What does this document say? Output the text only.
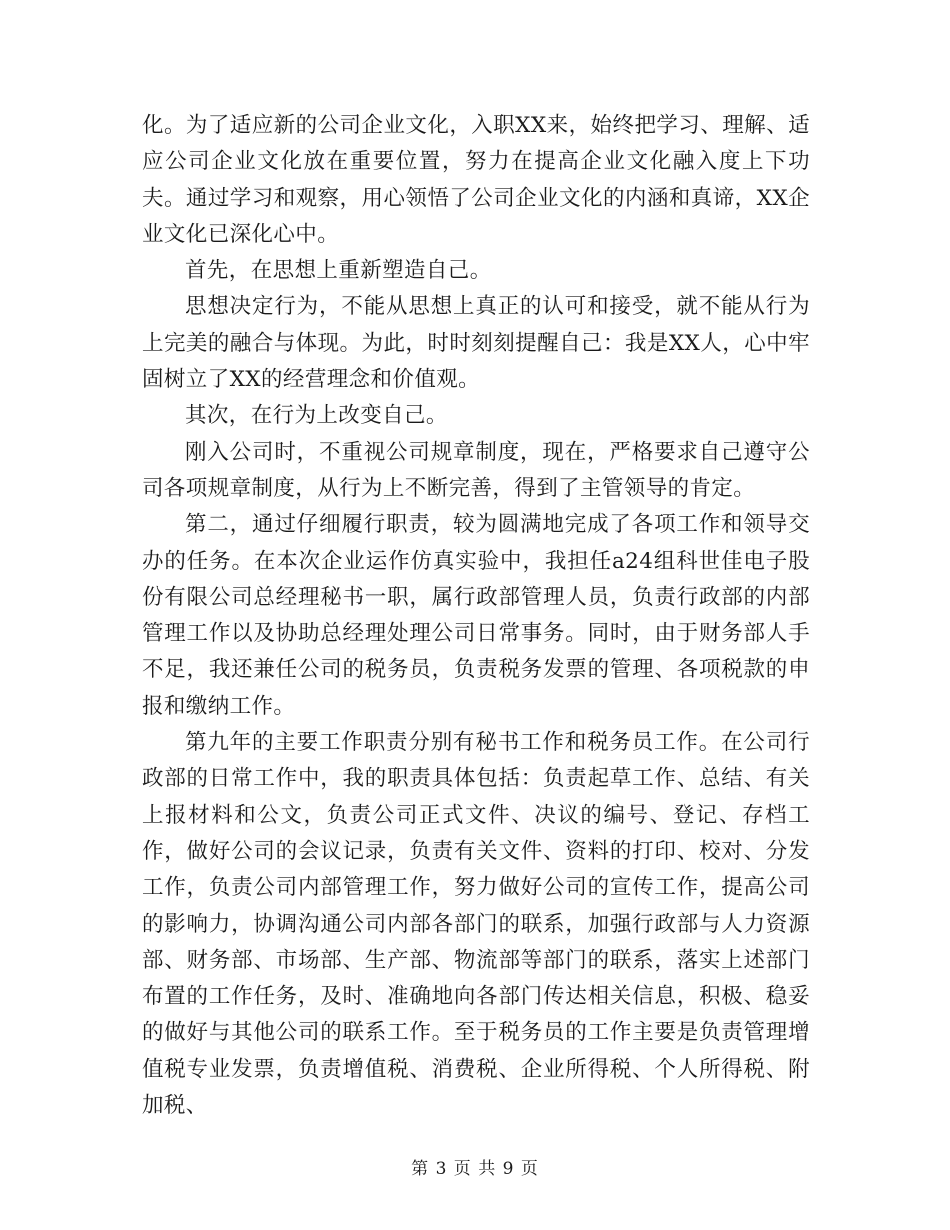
化。为了适应新的公司企业文化，入职XX来，始终把学习、理解、适应公司企业文化放在重要位置，努力在提高企业文化融入度上下功夫。通过学习和观察，用心领悟了公司企业文化的内涵和真谛，XX企业文化已深化心中。

首先，在思想上重新塑造自己。

思想决定行为，不能从思想上真正的认可和接受，就不能从行为上完美的融合与体现。为此，时时刻刻提醒自己：我是XX人，心中牢固树立了XX的经营理念和价值观。

其次，在行为上改变自己。

刚入公司时，不重视公司规章制度，现在，严格要求自己遵守公司各项规章制度，从行为上不断完善，得到了主管领导的肯定。

第二，通过仔细履行职责，较为圆满地完成了各项工作和领导交办的任务。在本次企业运作仿真实验中，我担任a24组科世佳电子股份有限公司总经理秘书一职，属行政部管理人员，负责行政部的内部管理工作以及协助总经理处理公司日常事务。同时，由于财务部人手不足，我还兼任公司的税务员，负责税务发票的管理、各项税款的申报和缴纳工作。

第九年的主要工作职责分别有秘书工作和税务员工作。在公司行政部的日常工作中，我的职责具体包括：负责起草工作、总结、有关上报材料和公文，负责公司正式文件、决议的编号、登记、存档工作，做好公司的会议记录，负责有关文件、资料的打印、校对、分发工作，负责公司内部管理工作，努力做好公司的宣传工作，提高公司的影响力，协调沟通公司内部各部门的联系，加强行政部与人力资源部、财务部、市场部、生产部、物流部等部门的联系，落实上述部门布置的工作任务，及时、准确地向各部门传达相关信息，积极、稳妥的做好与其他公司的联系工作。至于税务员的工作主要是负责管理增值税专业发票，负责增值税、消费税、企业所得税、个人所得税、附加税、

第 3 页 共 9 页
